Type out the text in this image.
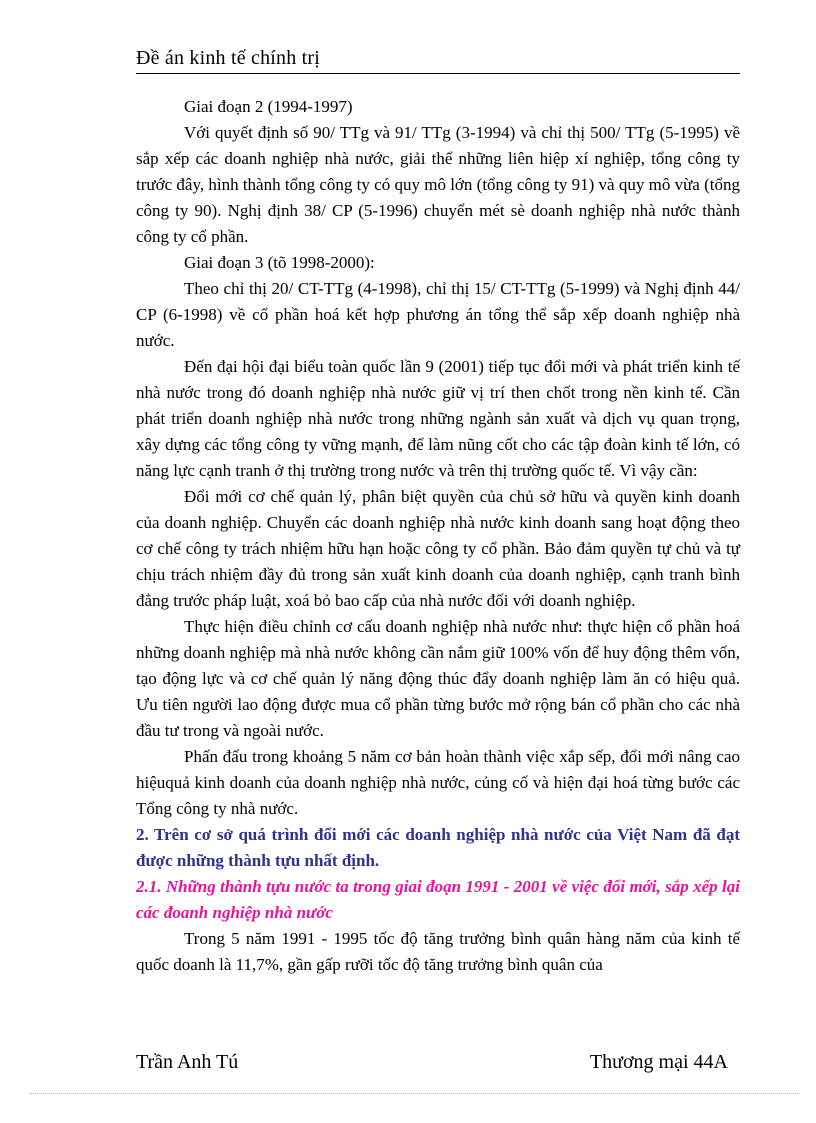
Đề án kinh tế chính trị

Giai đoạn 2 (1994-1997)

Với quyết định số 90/ TTg và 91/ TTg (3-1994) và chỉ thị 500/ TTg (5-1995) về sắp xếp các doanh nghiệp nhà nước, giải thể những liên hiệp xí nghiệp, tổng công ty trước đây, hình thành tổng công ty có quy mô lớn (tổng công ty 91) và quy mô vừa (tổng công ty 90). Nghị định 38/ CP (5-1996) chuyển mét sè doanh nghiệp nhà nước thành công ty cổ phần.

Giai đoạn 3 (tõ 1998-2000):

Theo chỉ thị 20/ CT-TTg (4-1998), chỉ thị 15/ CT-TTg (5-1999) và Nghị định 44/ CP (6-1998) về cổ phần hoá kết hợp phương án tổng thể sắp xếp doanh nghiệp nhà nước.

Đến đại hội đại biểu toàn quốc lần 9 (2001) tiếp tục đổi mới và phát triển kinh tế nhà nước trong đó doanh nghiệp nhà nước giữ vị trí then chốt trong nền kinh tế. Cần phát triển doanh nghiệp nhà nước trong những ngành sản xuất và dịch vụ quan trọng, xây dựng các tổng công ty vững mạnh, để làm nũng cốt cho các tập đoàn kinh tế lớn, có năng lực cạnh tranh ở thị trường trong nước và trên thị trường quốc tế. Vì vậy cần:

Đổi mới cơ chế quản lý, phân biệt quyền của chủ sở hữu và quyền kinh doanh của doanh nghiệp. Chuyển các doanh nghiệp nhà nước kinh doanh sang hoạt động theo cơ chế công ty trách nhiệm hữu hạn hoặc công ty cổ phần. Bảo đảm quyền tự chủ và tự chịu trách nhiệm đầy đủ trong sản xuất kinh doanh của doanh nghiệp, cạnh tranh bình đẳng trước pháp luật, xoá bỏ bao cấp của nhà nước đối với doanh nghiệp.

Thực hiện điều chỉnh cơ cấu doanh nghiệp nhà nước như: thực hiện cổ phần hoá những doanh nghiệp mà nhà nước không cần nắm giữ 100% vốn để huy động thêm vốn, tạo động lực và cơ chế quản lý năng động thúc đẩy doanh nghiệp làm ăn có hiệu quả. Ưu tiên người lao động được mua cổ phần từng bước mở rộng bán cổ phần cho các nhà đầu tư trong và ngoài nước.

Phấn đấu trong khoảng 5 năm cơ bản hoàn thành việc xắp sếp, đổi mới nâng cao hiệuquả kinh doanh của doanh nghiệp nhà nước, củng cố và hiện đại hoá từng bước các Tổng công ty nhà nước.

2. Trên cơ sở quá trình đổi mới các doanh nghiệp nhà nước của Việt Nam đã đạt được những thành tựu nhất định.

2.1. Những thành tựu nước ta trong giai đoạn 1991 - 2001 về việc đổi mới, sắp xếp lại các đoanh nghiệp nhà nước

Trong 5 năm 1991 - 1995 tốc độ tăng trưởng bình quân hàng năm của kinh tế quốc doanh là 11,7%, gần gấp rưỡi tốc độ tăng trưởng bình quân của

Trần Anh Tú	Thương mại 44A
